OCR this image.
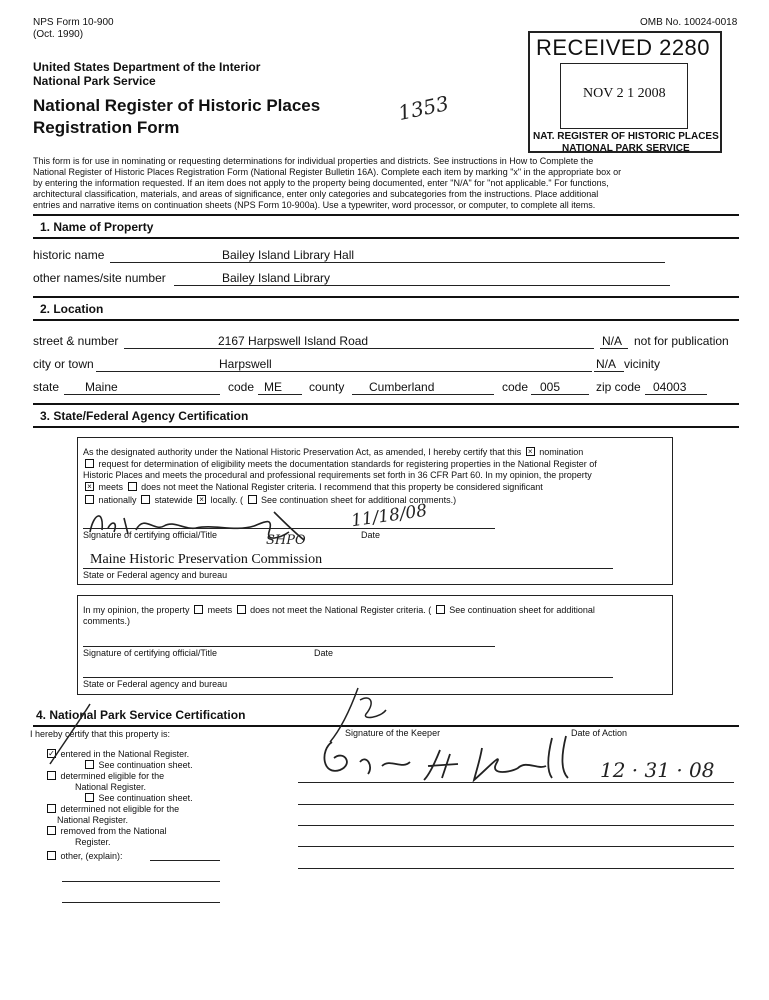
NPS Form 10-900
(Oct. 1990)
OMB No. 10024-0018
United States Department of the Interior
National Park Service
National Register of Historic Places
Registration Form
1353
RECEIVED 2280
NOV 2 1 2008
NAT. REGISTER OF HISTORIC PLACES
NATIONAL PARK SERVICE
This form is for use in nominating or requesting determinations for individual properties and districts. See instructions in How to Complete the
National Register of Historic Places Registration Form (National Register Bulletin 16A). Complete each item by marking "x" in the appropriate box or
by entering the information requested. If an item does not apply to the property being documented, enter "N/A" for "not applicable." For functions,
architectural classification, materials, and areas of significance, enter only categories and subcategories from the instructions. Place additional
entries and narrative items on continuation sheets (NPS Form 10-900a). Use a typewriter, word processor, or computer, to complete all items.
1. Name of Property
historic name	Bailey Island Library Hall
other names/site number	Bailey Island Library
2. Location
street & number	2167 Harpswell Island Road	N/A not for publication
city or town	Harpswell	N/A vicinity
state Maine	code ME county Cumberland	code 005	zip code 04003
3. State/Federal Agency Certification
As the designated authority under the National Historic Preservation Act, as amended, I hereby certify that this × nomination
request for determination of eligibility meets the documentation standards for registering properties in the National Register of
Historic Places and meets the procedural and professional requirements set forth in 36 CFR Part 60. In my opinion, the property
× meets does not meet the National Register criteria. I recommend that this property be considered significant
nationally statewide × locally. ( See continuation sheet for additional comments.)
11/18/08
Signature of certifying official/Title	Date
SHPO
Maine Historic Preservation Commission
State or Federal agency and bureau
In my opinion, the property meets does not meet the National Register criteria. ( See continuation sheet for additional
comments.)
Signature of certifying official/Title	Date
State or Federal agency and bureau
4. National Park Service Certification
I hereby certify that this property is:
✓ entered in the National Register.
See continuation sheet.
determined eligible for the
National Register.
See continuation sheet.
determined not eligible for the
National Register.
removed from the National
Register.
other, (explain):
Signature of the Keeper	Date of Action
12 · 31 · 08
